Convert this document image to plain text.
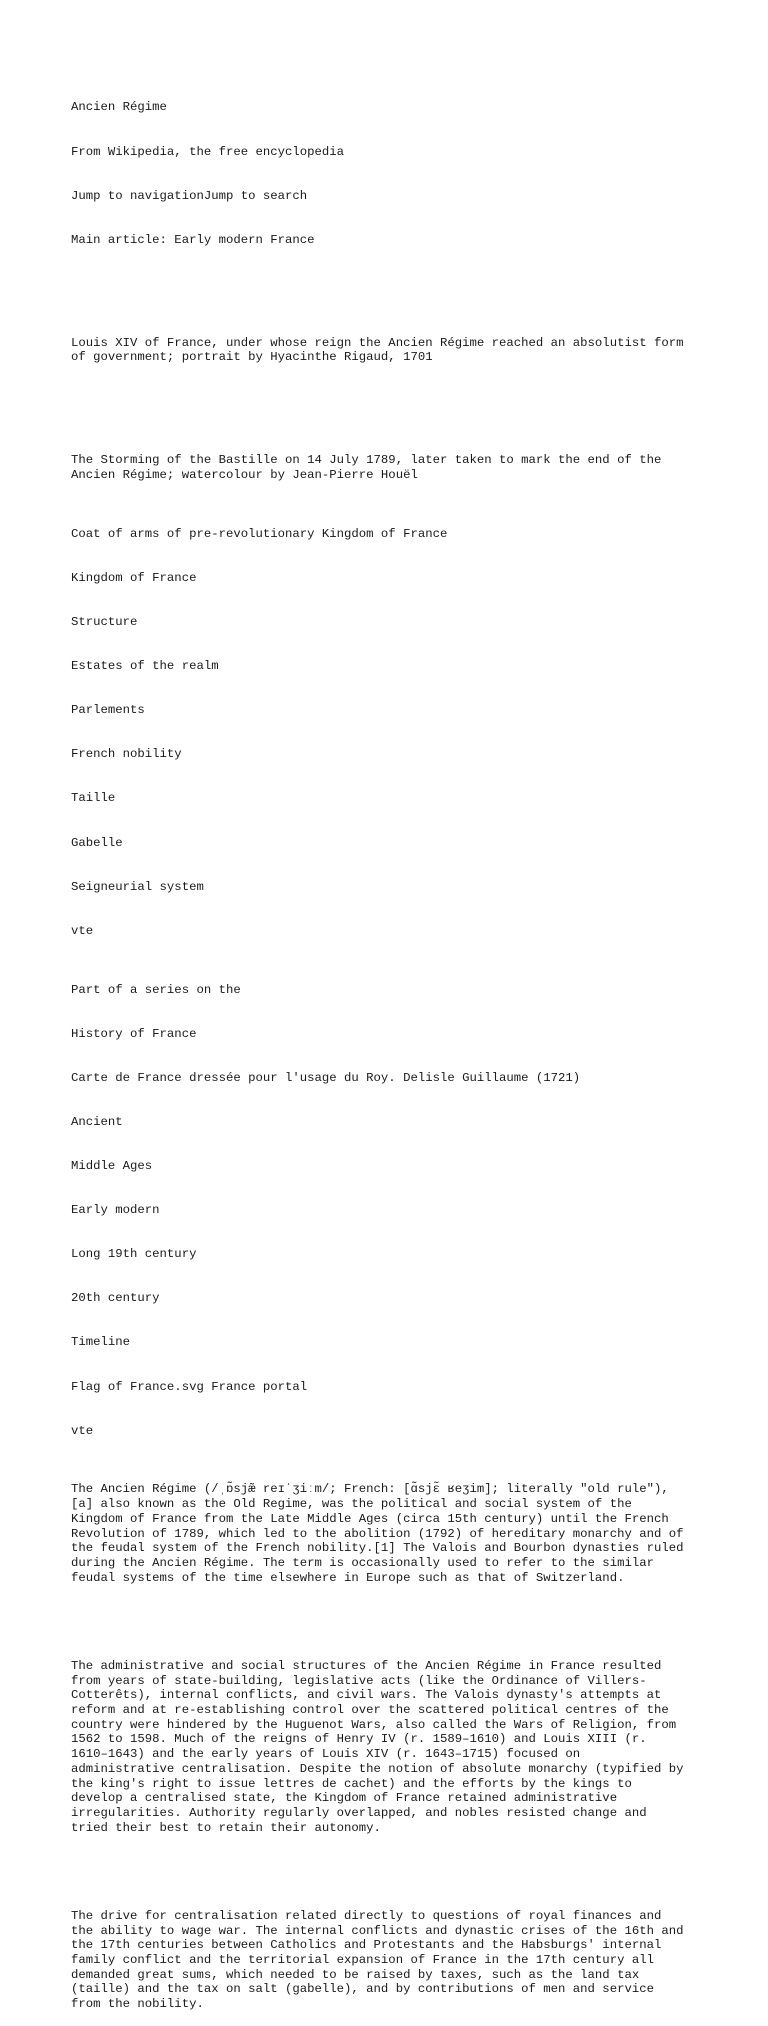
Ancien Régime

From Wikipedia, the free encyclopedia

Jump to navigationJump to search

Main article: Early modern France

Louis XIV of France, under whose reign the Ancien Régime reached an absolutist form
of government; portrait by Hyacinthe Rigaud, 1701

The Storming of the Bastille on 14 July 1789, later taken to mark the end of the
Ancien Régime; watercolour by Jean-Pierre Houël

Coat of arms of pre-revolutionary Kingdom of France

Kingdom of France

Structure

Estates of the realm

Parlements

French nobility

Taille

Gabelle

Seigneurial system

vte

Part of a series on the

History of France

Carte de France dressée pour l'usage du Roy. Delisle Guillaume (1721)

Ancient

Middle Ages

Early modern

Long 19th century

20th century

Timeline

Flag of France.svg France portal

vte

The Ancien Régime (/ˌɒ̃sjæ̃ reɪˈʒiːm/; French: [ɑ̃sjɛ̃ ʁeʒim]; literally "old rule"),
[a] also known as the Old Regime, was the political and social system of the
Kingdom of France from the Late Middle Ages (circa 15th century) until the French
Revolution of 1789, which led to the abolition (1792) of hereditary monarchy and of
the feudal system of the French nobility.[1] The Valois and Bourbon dynasties ruled
during the Ancien Régime. The term is occasionally used to refer to the similar
feudal systems of the time elsewhere in Europe such as that of Switzerland.

The administrative and social structures of the Ancien Régime in France resulted
from years of state-building, legislative acts (like the Ordinance of Villers-
Cotterêts), internal conflicts, and civil wars. The Valois dynasty's attempts at
reform and at re-establishing control over the scattered political centres of the
country were hindered by the Huguenot Wars, also called the Wars of Religion, from
1562 to 1598. Much of the reigns of Henry IV (r. 1589–1610) and Louis XIII (r.
1610–1643) and the early years of Louis XIV (r. 1643–1715) focused on
administrative centralisation. Despite the notion of absolute monarchy (typified by
the king's right to issue lettres de cachet) and the efforts by the kings to
develop a centralised state, the Kingdom of France retained administrative
irregularities. Authority regularly overlapped, and nobles resisted change and
tried their best to retain their autonomy.

The drive for centralisation related directly to questions of royal finances and
the ability to wage war. The internal conflicts and dynastic crises of the 16th and
the 17th centuries between Catholics and Protestants and the Habsburgs' internal
family conflict and the territorial expansion of France in the 17th century all
demanded great sums, which needed to be raised by taxes, such as the land tax
(taille) and the tax on salt (gabelle), and by contributions of men and service
from the nobility.
